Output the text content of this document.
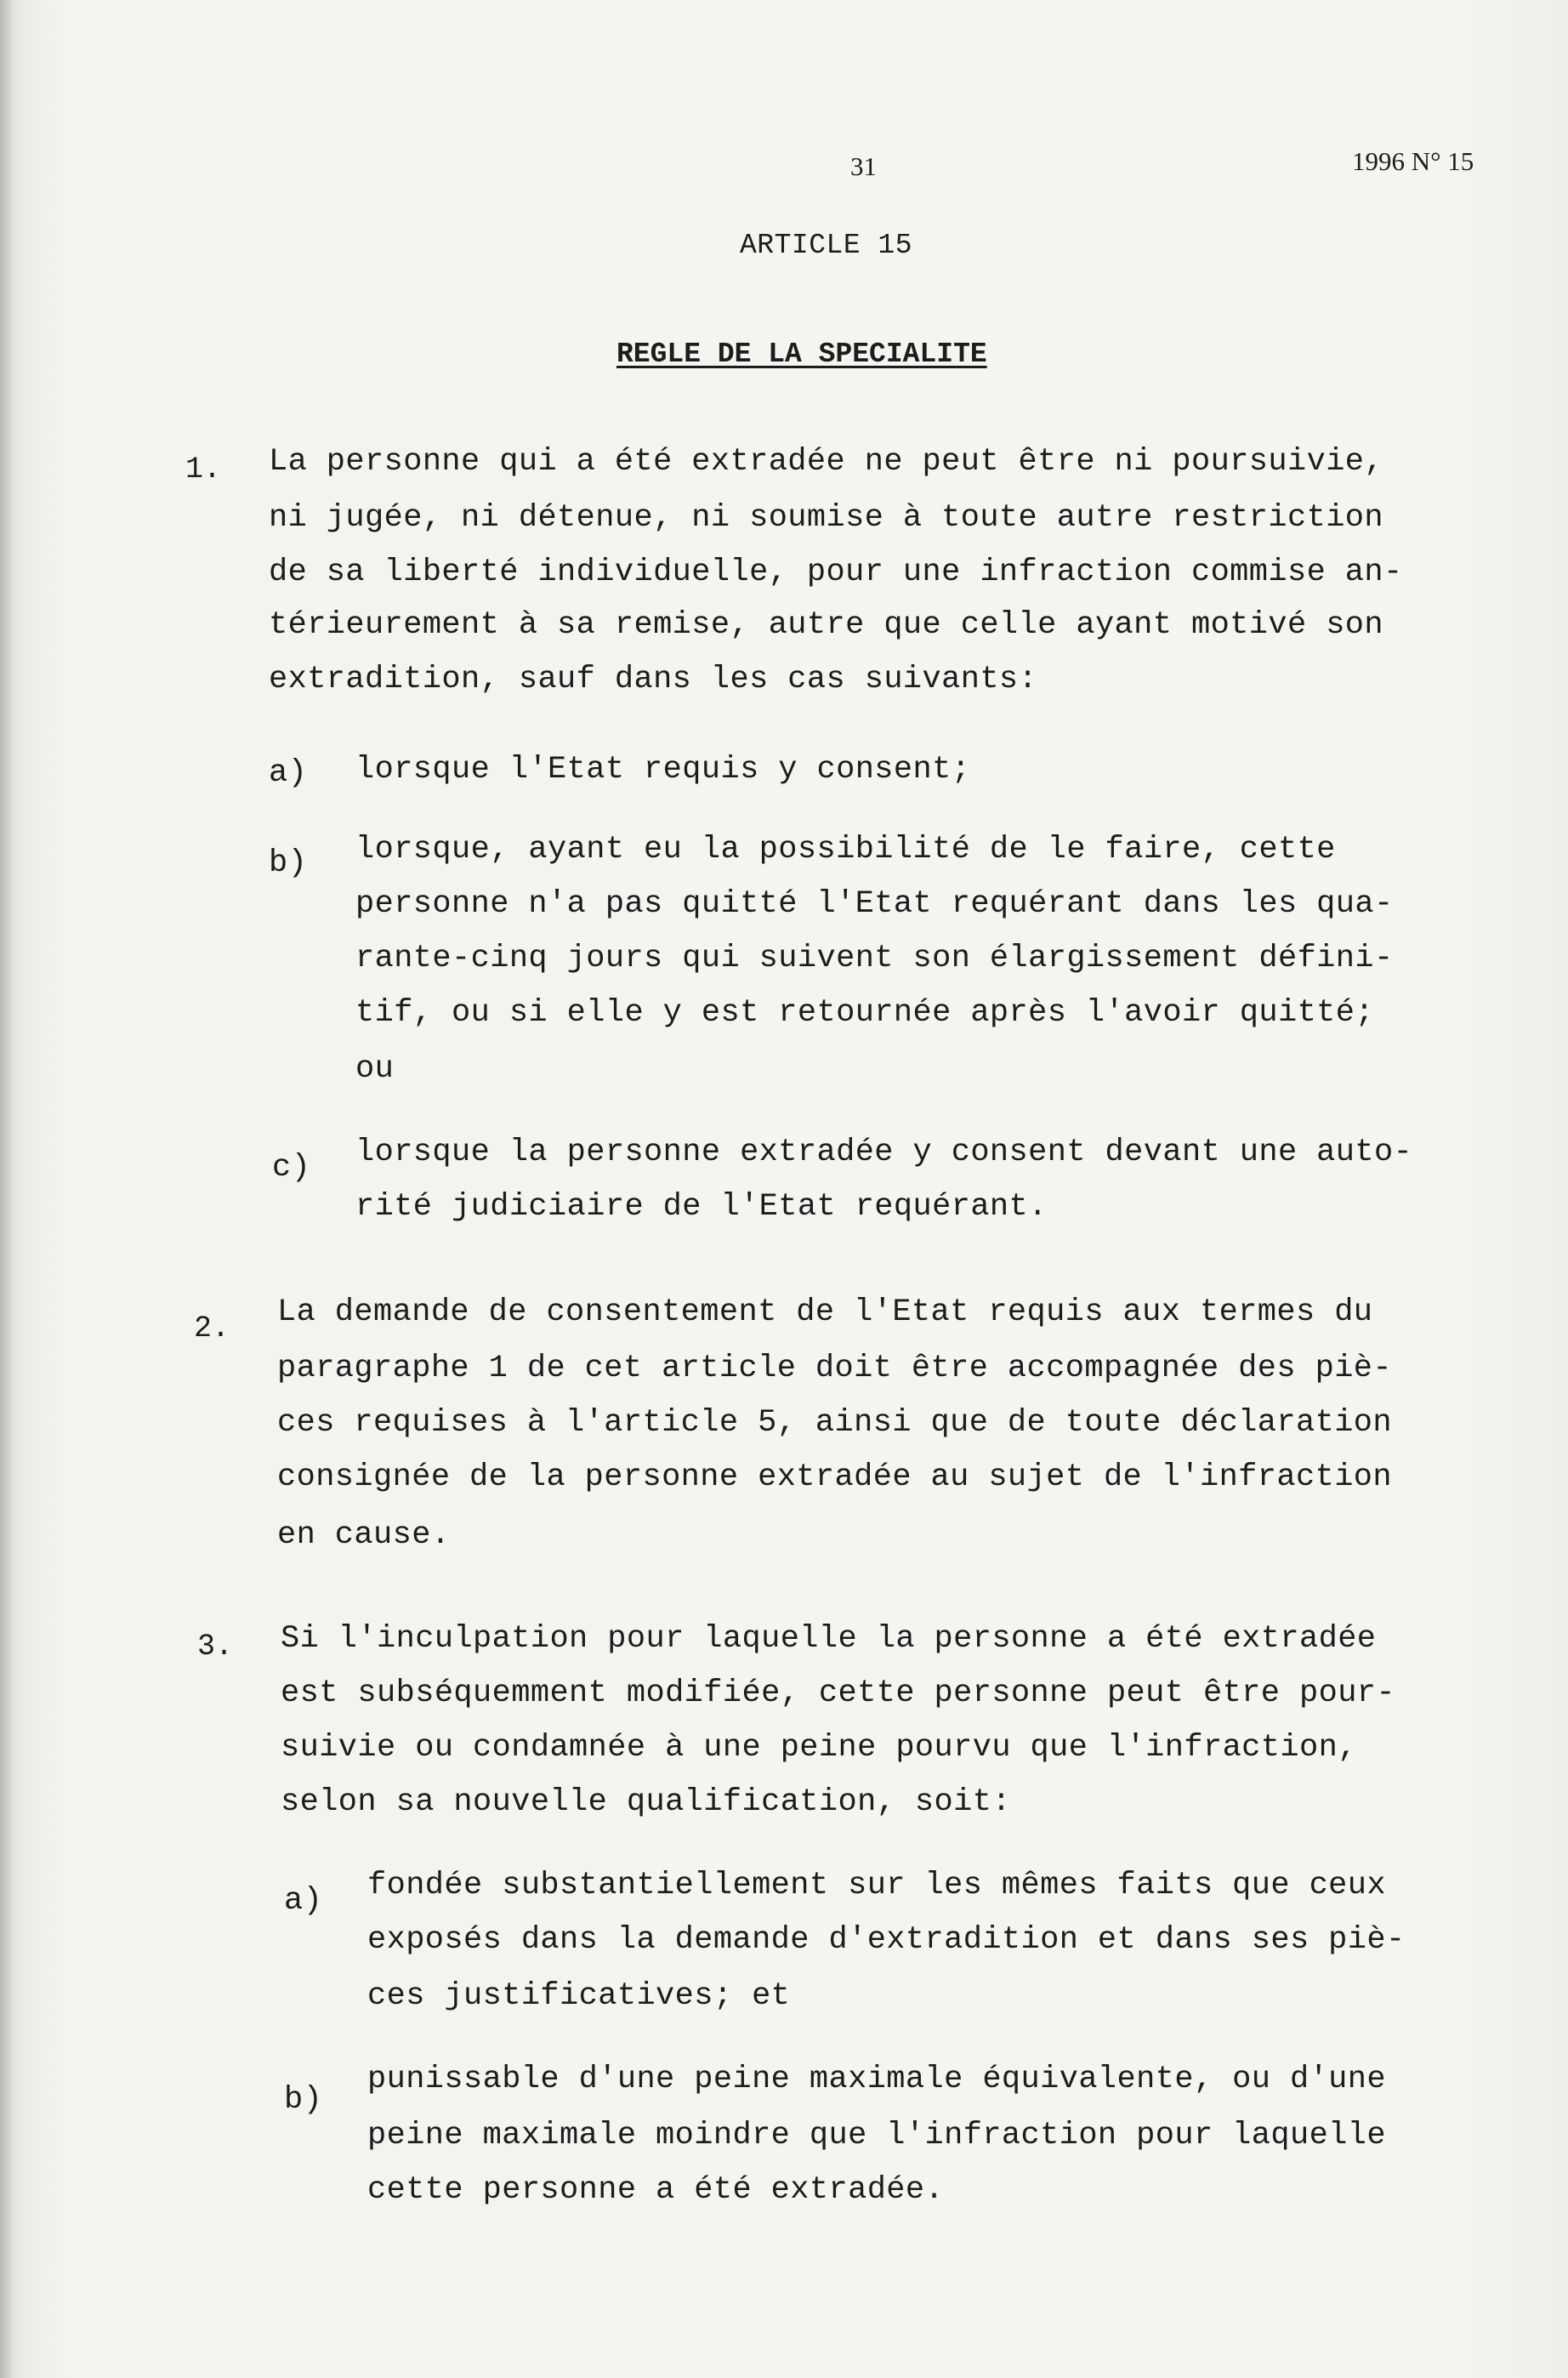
31	1996 N° 15
ARTICLE 15
REGLE DE LA SPECIALITE
1. La personne qui a été extradée ne peut être ni poursuivie,
ni jugée, ni détenue, ni soumise à toute autre restriction
de sa liberté individuelle, pour une infraction commise an-
térieurement à sa remise, autre que celle ayant motivé son
extradition, sauf dans les cas suivants:
a) lorsque l'Etat requis y consent;
b) lorsque, ayant eu la possibilité de le faire, cette
personne n'a pas quitté l'Etat requérant dans les qua-
rante-cinq jours qui suivent son élargissement défini-
tif, ou si elle y est retournée après l'avoir quitté;
ou
c) lorsque la personne extradée y consent devant une auto-
rité judiciaire de l'Etat requérant.
2. La demande de consentement de l'Etat requis aux termes du
paragraphe 1 de cet article doit être accompagnée des piè-
ces requises à l'article 5, ainsi que de toute déclaration
consignée de la personne extradée au sujet de l'infraction
en cause.
3. Si l'inculpation pour laquelle la personne a été extradée
est subséquemment modifiée, cette personne peut être pour-
suivie ou condamnée à une peine pourvu que l'infraction,
selon sa nouvelle qualification, soit:
a) fondée substantiellement sur les mêmes faits que ceux
exposés dans la demande d'extradition et dans ses piè-
ces justificatives; et
b)
punissable d'une peine maximale équivalente, ou d'une
peine maximale moindre que l'infraction pour laquelle
cette personne a été extradée.
